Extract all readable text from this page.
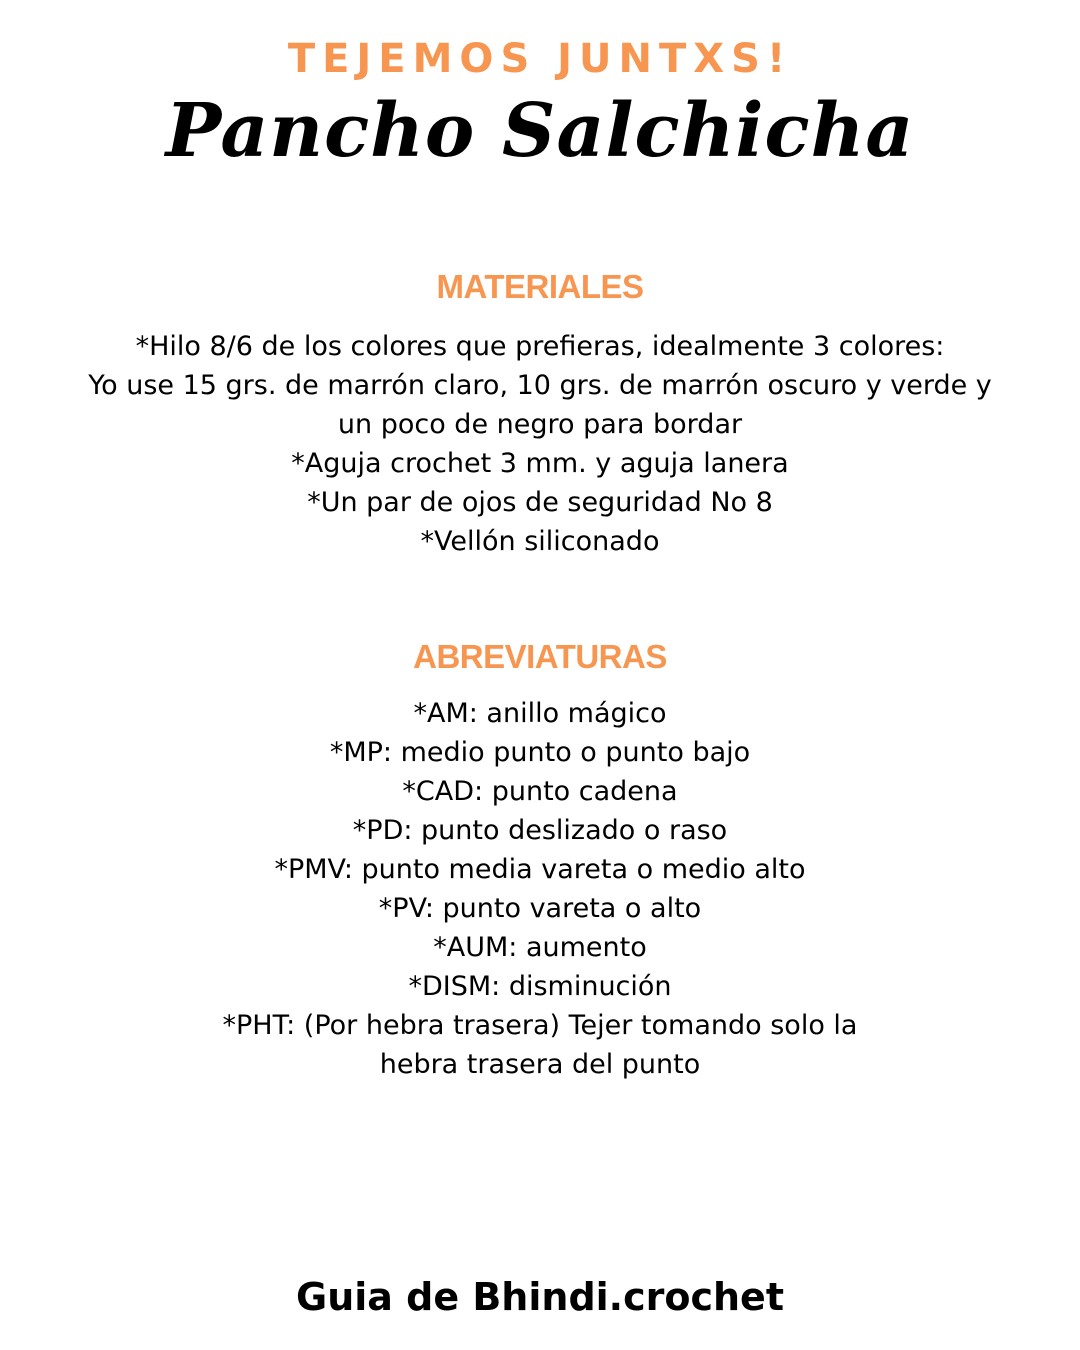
TEJEMOS JUNTXS!
Pancho Salchicha
MATERIALES
*Hilo 8/6 de los colores que prefieras, idealmente 3 colores:
Yo use 15 grs. de marrón claro, 10 grs. de marrón oscuro y verde y
un poco de negro para bordar
*Aguja crochet 3 mm. y aguja lanera
*Un par de ojos de seguridad No 8
*Vellón siliconado
ABREVIATURAS
*AM: anillo mágico
*MP: medio punto o punto bajo
*CAD: punto cadena
*PD: punto deslizado o raso
*PMV: punto media vareta o medio alto
*PV: punto vareta o alto
*AUM: aumento
*DISM: disminución
*PHT: (Por hebra trasera) Tejer tomando solo la
hebra trasera del punto
Guia de Bhindi.crochet
